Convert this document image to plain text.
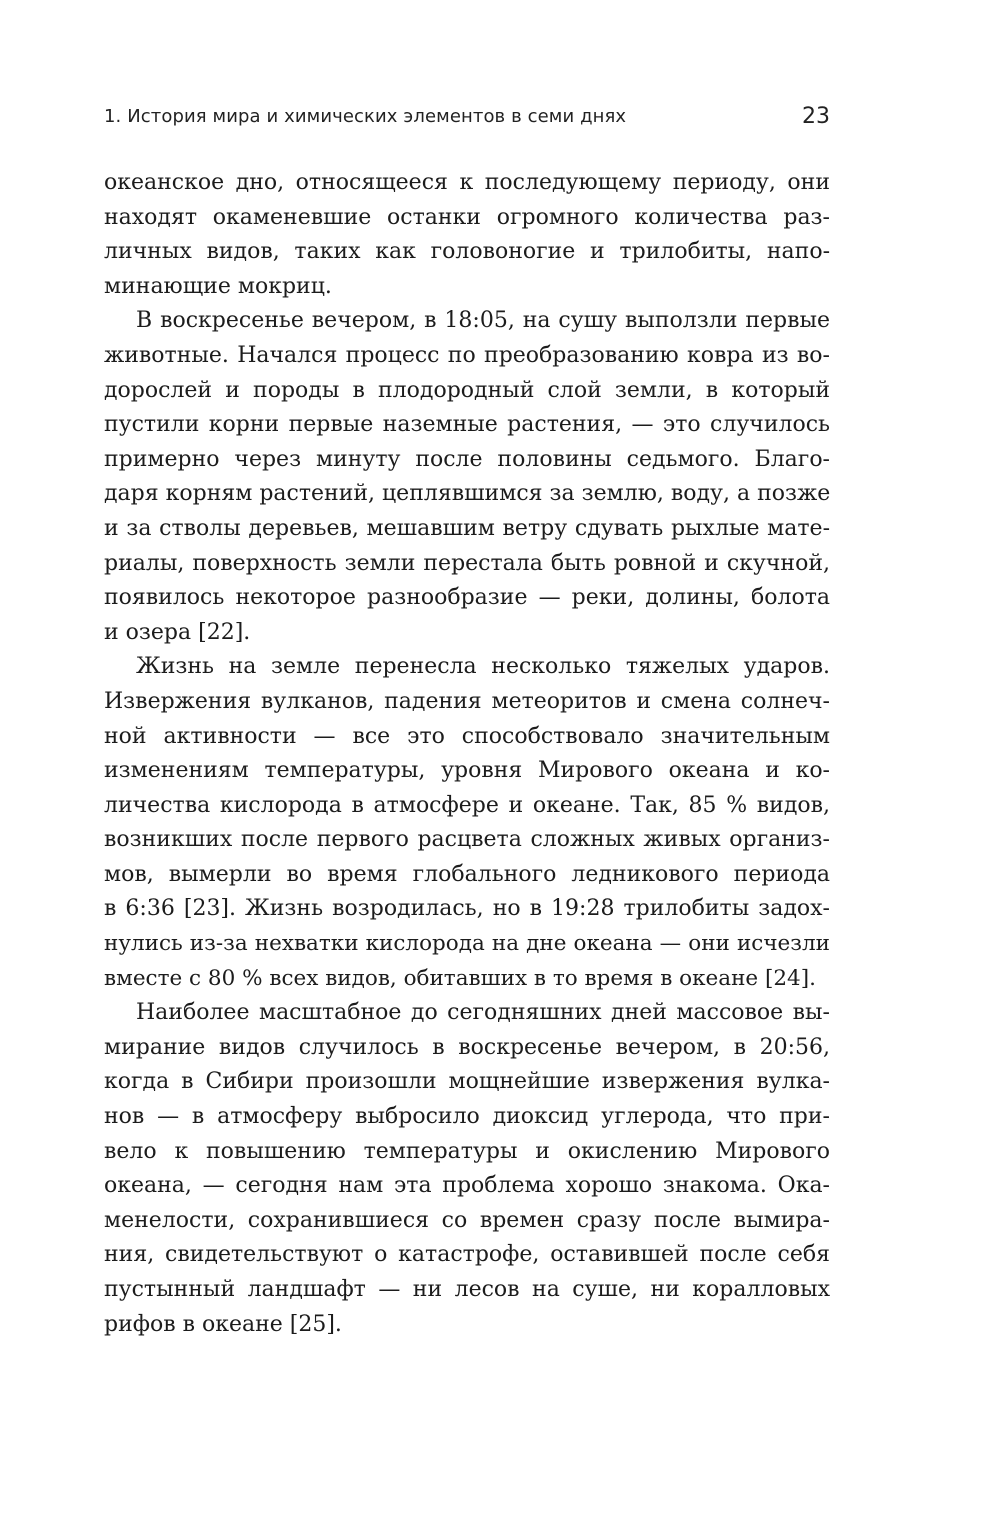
1. История мира и химических элементов в семи днях	23
океанское дно, относящееся к последующему периоду, они
находят окаменевшие останки огромного количества раз-
личных видов, таких как головоногие и трилобиты, напо-
минающие мокриц.
В воскресенье вечером, в 18:05, на сушу выползли первые
животные. Начался процесс по преобразованию ковра из во-
дорослей и породы в плодородный слой земли, в который
пустили корни первые наземные растения, — это случилось
примерно через минуту после половины седьмого. Благо-
даря корням растений, цеплявшимся за землю, воду, а позже
и за стволы деревьев, мешавшим ветру сдувать рыхлые мате-
риалы, поверхность земли перестала быть ровной и скучной,
появилось некоторое разнообразие — реки, долины, болота
и озера [22].
Жизнь на земле перенесла несколько тяжелых ударов.
Извержения вулканов, падения метеоритов и смена солнеч-
ной активности — все это способствовало значительным
изменениям температуры, уровня Мирового океана и ко-
личества кислорода в атмосфере и океане. Так, 85 % видов,
возникших после первого расцвета сложных живых организ-
мов, вымерли во время глобального ледникового периода
в 6:36 [23]. Жизнь возродилась, но в 19:28 трилобиты задох-
нулись из-за нехватки кислорода на дне океана — они исчезли
вместе с 80 % всех видов, обитавших в то время в океане [24].
Наиболее масштабное до сегодняшних дней массовое вы-
мирание видов случилось в воскресенье вечером, в 20:56,
когда в Сибири произошли мощнейшие извержения вулка-
нов — в атмосферу выбросило диоксид углерода, что при-
вело к повышению температуры и окислению Мирового
океана, — сегодня нам эта проблема хорошо знакома. Ока-
менелости, сохранившиеся со времен сразу после вымира-
ния, свидетельствуют о катастрофе, оставившей после себя
пустынный ландшафт — ни лесов на суше, ни коралловых
рифов в океане [25].
